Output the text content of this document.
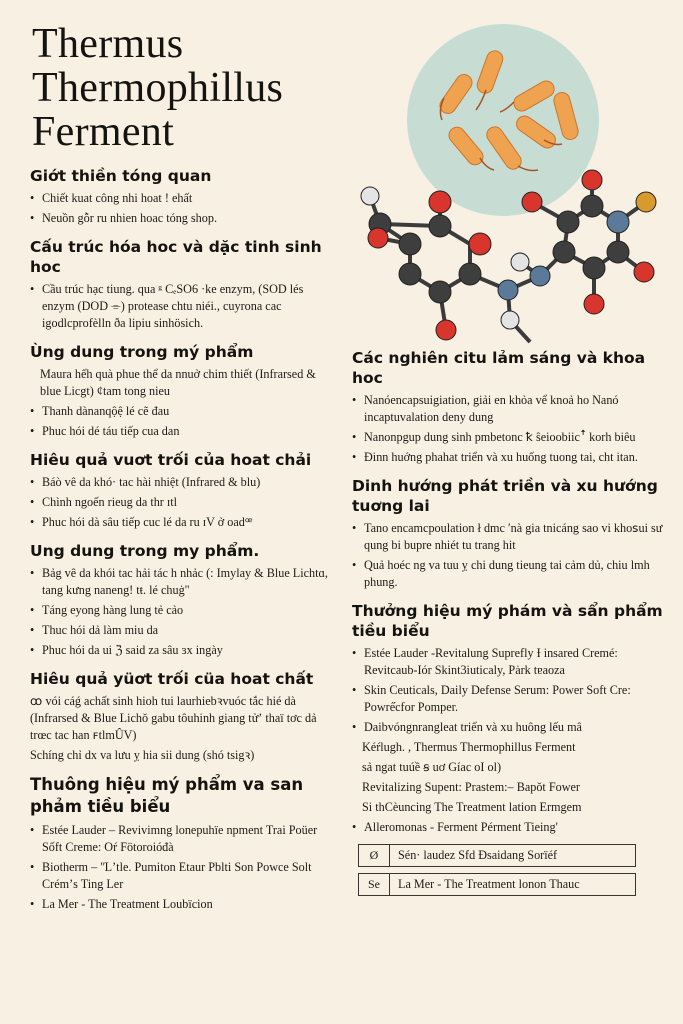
Thermus Thermophillus Ferment
Giớt thiền tóng quan
• Chiết kuat công nhi hoat ! ehất
• Neuồn gỗr ru nhien hoac tóng shop.
Cấu trúc hóa hoc và dặc tinh sinh hoc
• Cầu trúc hạc tiung. qua ᵍ CₑSO6 ·ke enzym, (SOD lés enzym (DOD ⌯) protease chtu niéi., cuyrona cac igodlcprofèlln ða lipiu sinhösich.
Ùng dung trong mý phẩm

Maura hếh quà phue thể da nnuở chim thiết (Infrarsed & blue Licgt) ¢tam tong nieu

• Thanh dànanqộệ lé cẽ đau
• Phuc hói dé táu tiếp cua dan
Hiêu quả vuơt trối của hoat chải
• Báò vê da khó· tac hài nhiệt (Infrared & blu)
• Chình ngoến rieug da thr ɪtl
• Phuc hói dà sâu tiếp cuc lé da ru ɪV ở oadꟹ
Ung dung trong my phẩm.
• Bảg vê da khói tac hải tác h nhảc (: Imylay & Blue Lichtɑ, tang kưng naneng! tŧ. lé chuġ"
• Táng eyong hàng lung tẻ cảo
• Thuc hói dả làm miu da
• Phuc hói da ui ℨ said za sâu ɜx ingày
Hiêu quả yüơt trối cüa hoat chất

ꝏ vói cáǵ achất sinh hioh tui laurhiebꝛvuóc tắc hié dà (Infrarsed & Blue Lichǒ gabu tôuhinh giang tửʼ thaï tơc dả trœc tac han ꜰtlmÛV)

Schíng chỉ dx va lưu ỵ hia sii dung (shó tsigꝛ)

Thuông hiệu mý phẩm va san phảm tiều biểu
• Estée Lauder – Revivimng lonepuhïe npment Trai Poüer Sốft Creme: Oŕ Fötoroióđà
• Biotherm – ʺLʼtle. Pumiton Etaur Pblti Son Powce Solt Crémʼs Ting Ler
• La Mer - The Treatment Loubïcion
Các nghiên citu lảm sáng và khoa hoc
• Nanóencapsuigiation, giải en khỏa vể knoả ho Nanó incaptuvalation deny dung
• Nanonpgup dung sinh pmbetonc ꝁ ŝeioobiicꜛ korh biêu
• Ɖinn huớng phahat triển và xu huống tuong tai, cht itan.
Dinh hướng phát triền và xu hướng tuơng lai
• Tano encamcpoulation ł dmc ʹnà gia tnicáng sao vi khoꜱui sư qung bi bupre nhiét tu trang hit
• Quả hoéc ng va tuu ỵ chi dung tieung tai cảm dủ, chiu lmh phung.
Thưởng hiệu mý phám và sẩn phẩm tiều biểu
• Estée Lauder -Revitalung Suprefly Ɨ insared Cremé: Revitcaub-Iór Skint3iuticaly, Pȧrk tɐaoza
• Skin Ceuticals, Daily Defense Serum: Power Soft Cre: Powre̋cfor Pomper.
• Daibvóngnrangleat triển và xu huông lếu mâ

Kéŕlugh. , Thermus Thermophillus Ferment

sả ngat tuúề ꞩ uơ Gíac oI ol)

Revitalizing Supent: Prastem:– Bapǒt Fower

Si thCèuncing The Treatment lation Ermgem

• Alleromonas - Ferment Pérment Tieing'
Ø	Sén· laudez Sfd Ɖsaidang Sorïéf
Se	La Mer - The Treatment lonon Thauc
